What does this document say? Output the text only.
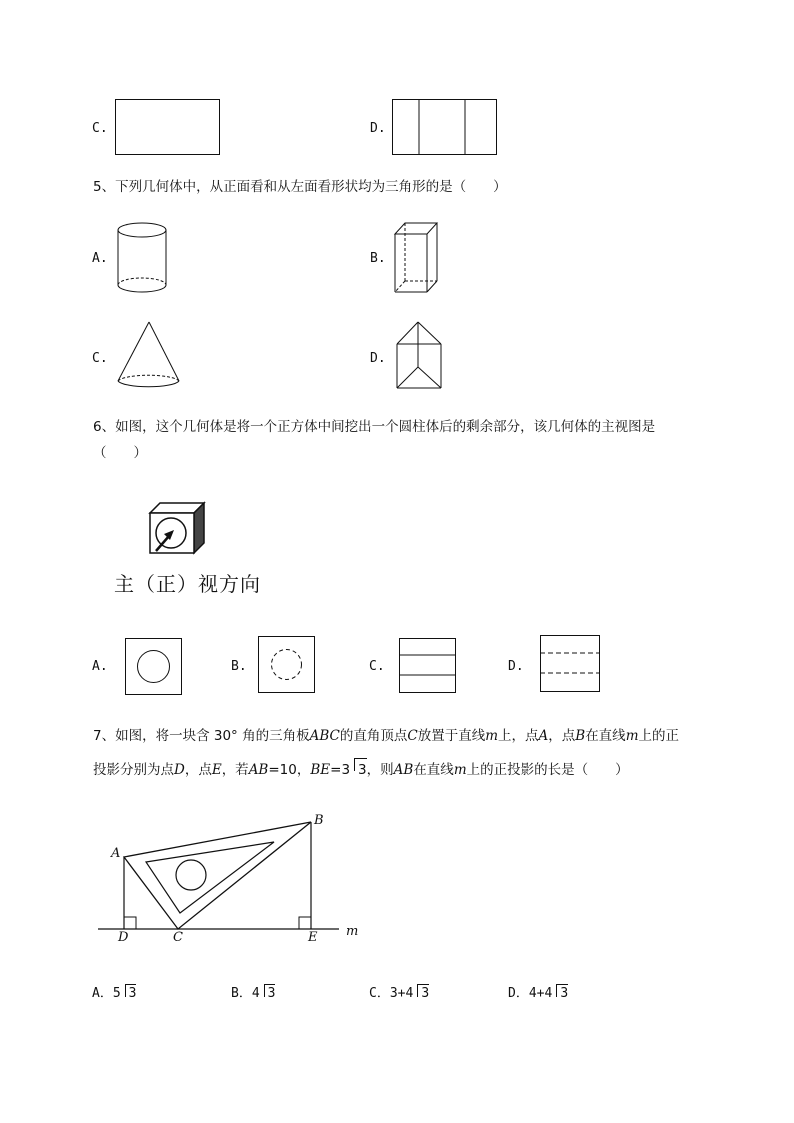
C.	D.
5、下列几何体中，从正面看和从左面看形状均为三角形的是（　　）
A.	B.
C.	D.
6、如图，这个几何体是将一个正方体中间挖出一个圆柱体后的剩余部分，该几何体的主视图是
（　　）
主（正）视方向
A.	B.	C.	D.
7、如图，将一块含 30° 角的三角板ABC的直角顶点C放置于直线m上，点A，点B在直线m上的正
投影分别为点D，点E，若AB=10，BE=3 3，则AB在直线m上的正投影的长是（　　）
A
B
D	C	E m
A．5 3	B．4 3	C．3+4 3	D．4+4 3
